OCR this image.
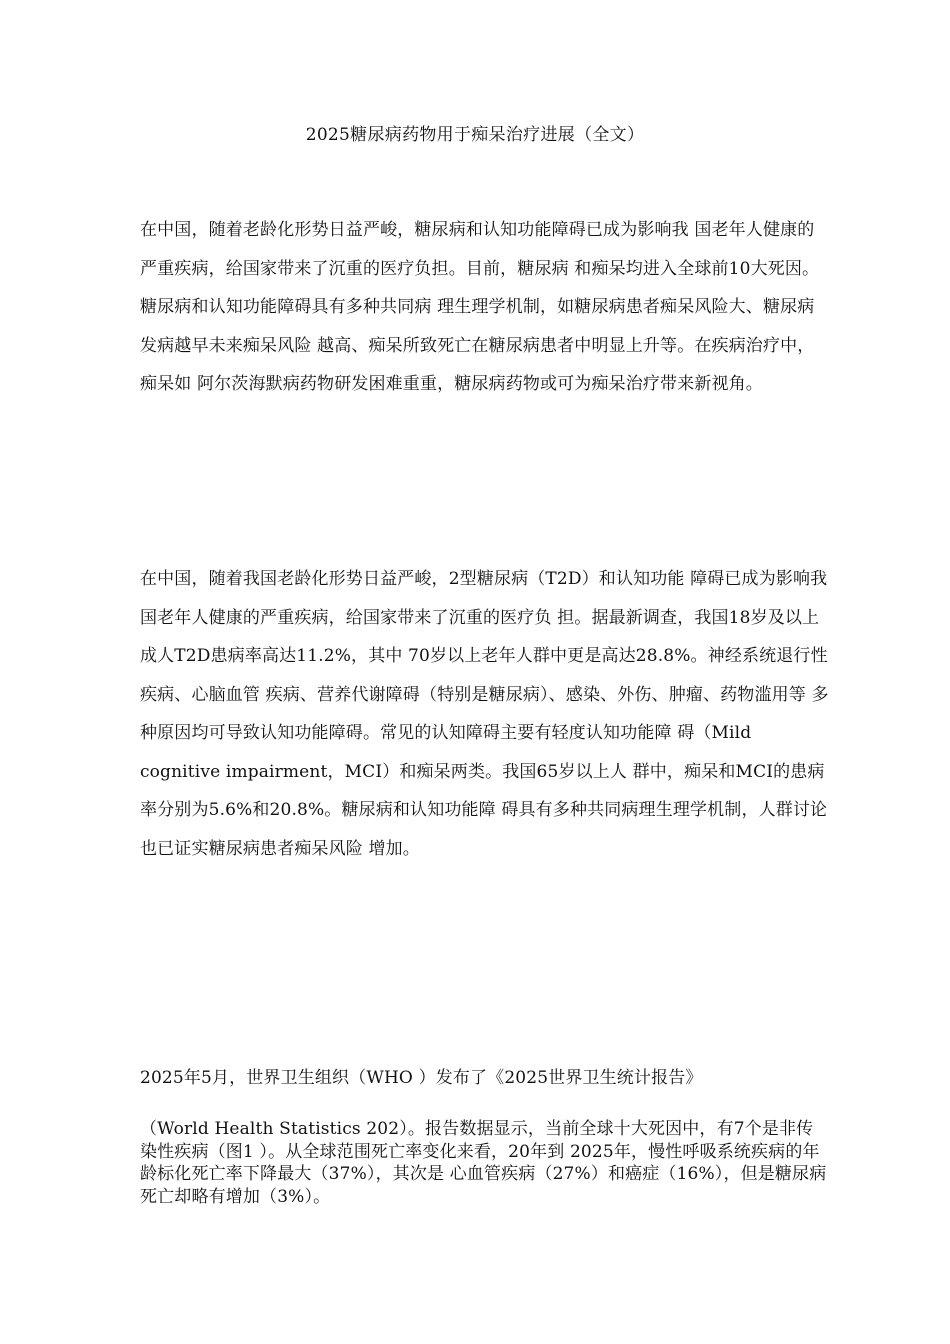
2025糖尿病药物用于痴呆治疗进展（全文）

在中国，随着老龄化形势日益严峻，糖尿病和认知功能障碍已成为影响我 国老年人健康的严重疾病，给国家带来了沉重的医疗负担。目前，糖尿病 和痴呆均进入全球前10大死因。糖尿病和认知功能障碍具有多种共同病 理生理学机制，如糖尿病患者痴呆风险大、糖尿病发病越早未来痴呆风险 越高、痴呆所致死亡在糖尿病患者中明显上升等。在疾病治疗中，痴呆如 阿尔茨海默病药物研发困难重重，糖尿病药物或可为痴呆治疗带来新视角。

在中国，随着我国老龄化形势日益严峻，2型糖尿病（T2D）和认知功能 障碍已成为影响我国老年人健康的严重疾病，给国家带来了沉重的医疗负 担。据最新调查，我国18岁及以上成人T2D患病率高达11.2%，其中 70岁以上老年人群中更是高达28.8%。神经系统退行性疾病、心脑血管 疾病、营养代谢障碍（特别是糖尿病）、感染、外伤、肿瘤、药物滥用等 多种原因均可导致认知功能障碍。常见的认知障碍主要有轻度认知功能障 碍（Mild cognitive impairment，MCI）和痴呆两类。我国65岁以上人 群中，痴呆和MCI的患病率分别为5.6%和20.8%。糖尿病和认知功能障 碍具有多种共同病理生理学机制，人群讨论也已证实糖尿病患者痴呆风险 增加。

2025年5月，世界卫生组织（WHO ）发布了《2025世界卫生统计报告》

（World Health Statistics 202）。报告数据显示，当前全球十大死因中，有7个是非传染性疾病（图1 ）。从全球范围死亡率变化来看，20年到 2025年，慢性呼吸系统疾病的年龄标化死亡率下降最大（37%），其次是 心血管疾病（27%）和癌症（16%），但是糖尿病死亡却略有增加（3%）。
